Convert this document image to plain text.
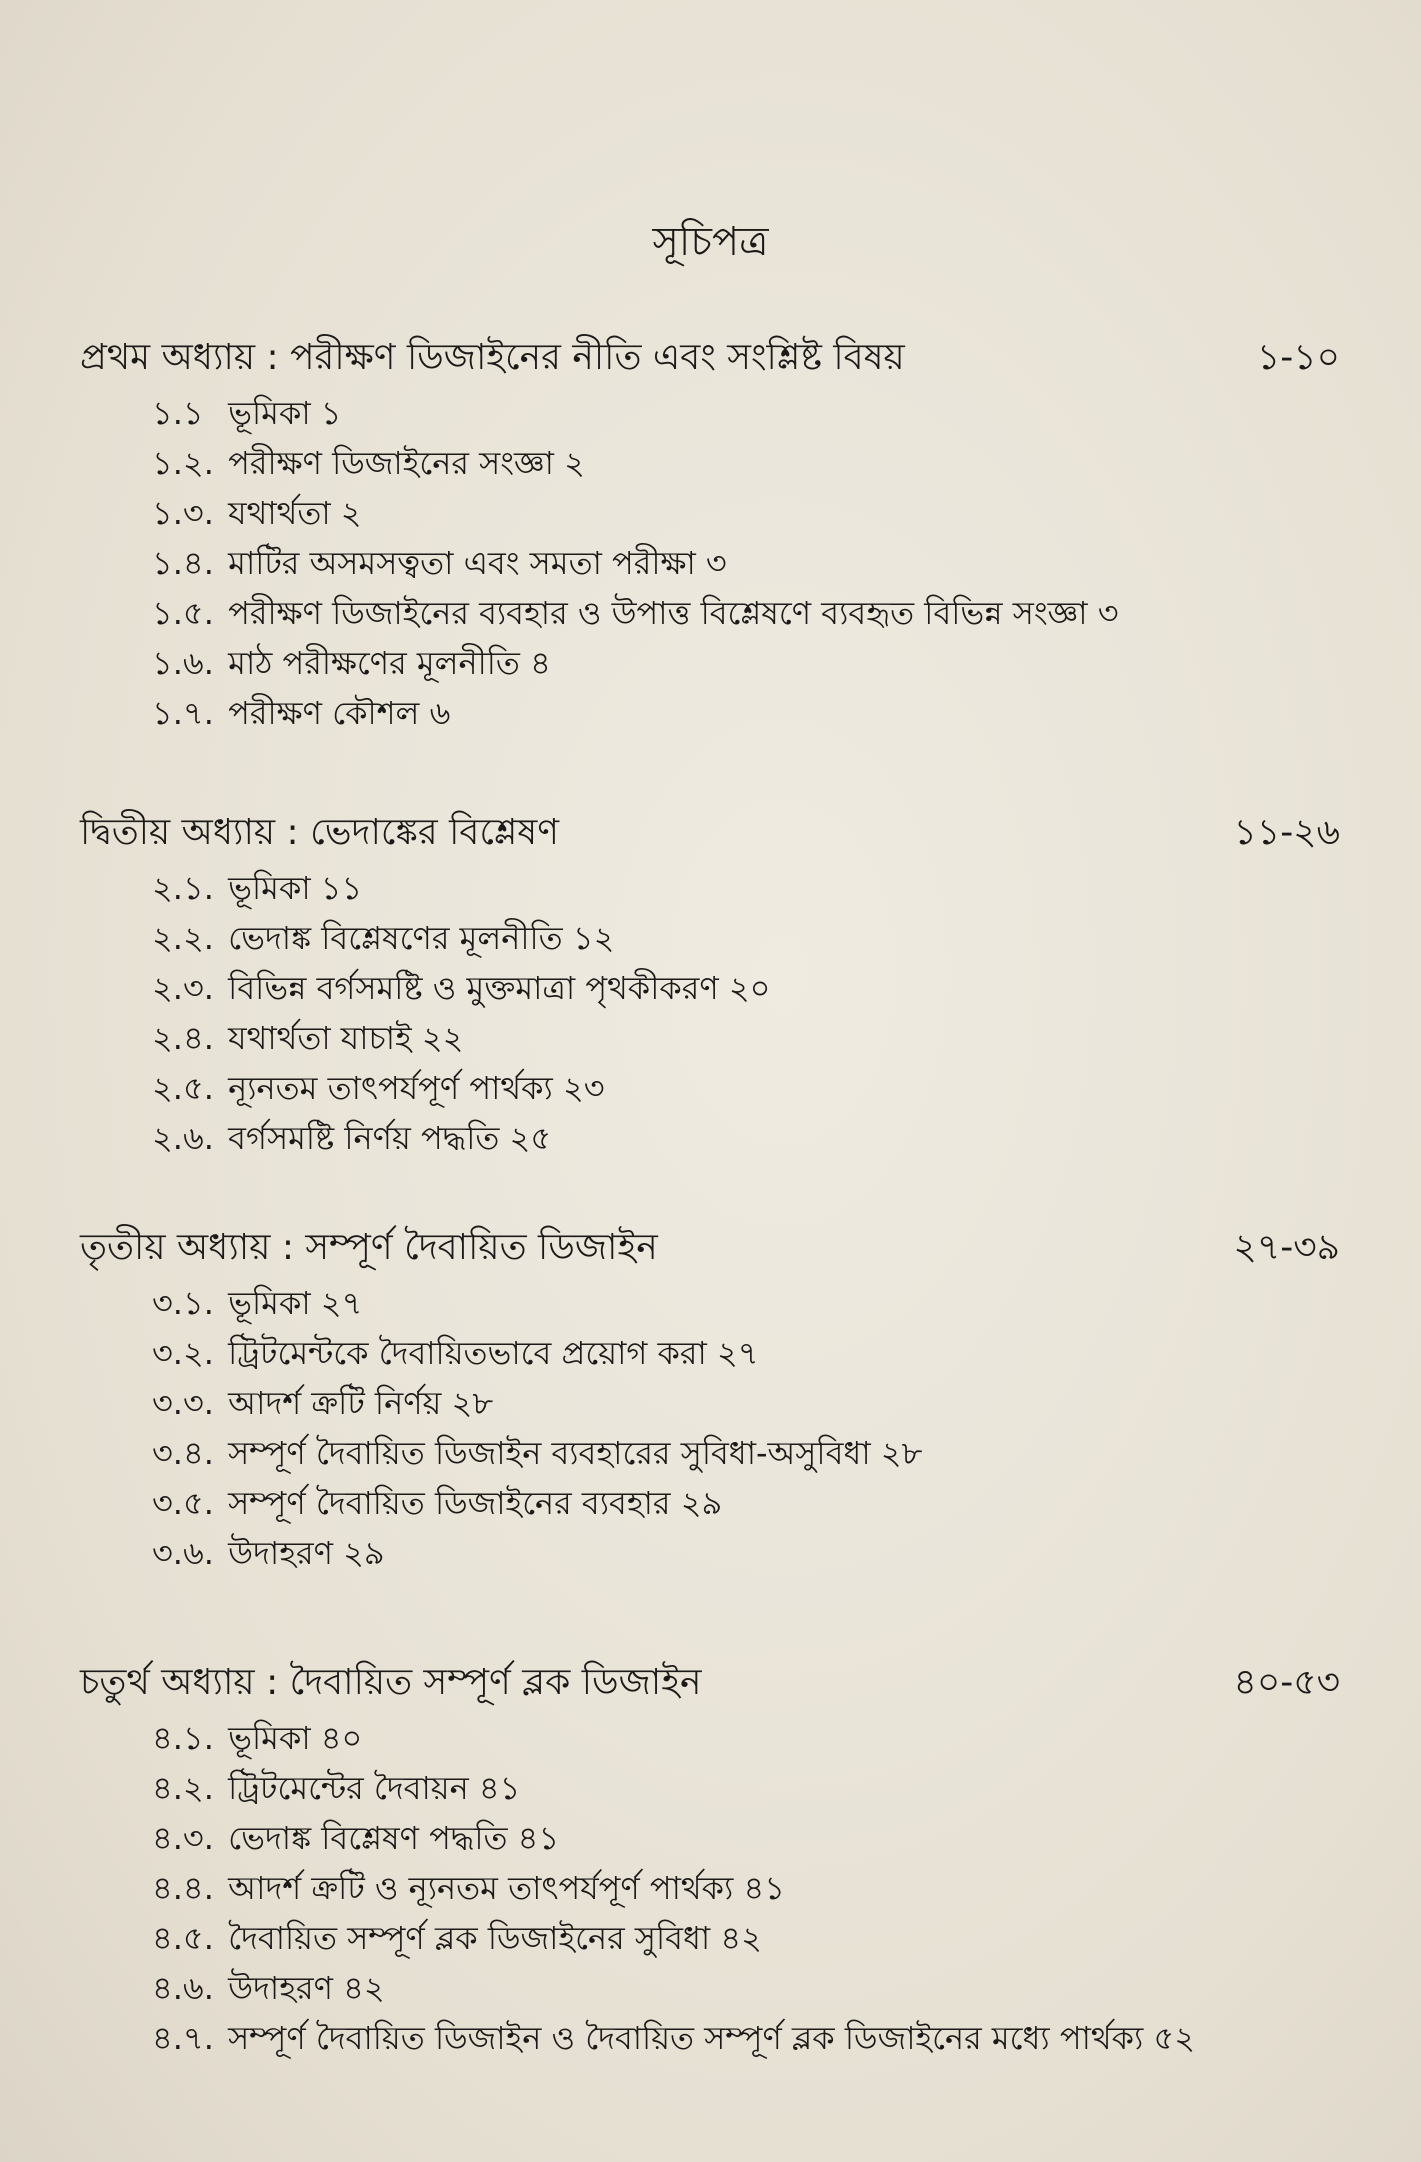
সূচিপত্র
প্রথম অধ্যায় : পরীক্ষণ ডিজাইনের নীতি এবং সংশ্লিষ্ট বিষয়	১-১০
১.১ ভূমিকা ১
১.২. পরীক্ষণ ডিজাইনের সংজ্ঞা ২
১.৩. যথার্থতা ২
১.৪. মাটির অসমসত্বতা এবং সমতা পরীক্ষা ৩
১.৫. পরীক্ষণ ডিজাইনের ব্যবহার ও উপাত্ত বিশ্লেষণে ব্যবহৃত বিভিন্ন সংজ্ঞা ৩
১.৬. মাঠ পরীক্ষণের মূলনীতি ৪
১.৭. পরীক্ষণ কৌশল ৬
দ্বিতীয় অধ্যায় : ভেদাঙ্কের বিশ্লেষণ	১১-২৬
২.১. ভূমিকা ১১
২.২. ভেদাঙ্ক বিশ্লেষণের মূলনীতি ১২
২.৩. বিভিন্ন বর্গসমষ্টি ও মুক্তমাত্রা পৃথকীকরণ ২০
২.৪. যথার্থতা যাচাই ২২
২.৫. ন্যূনতম তাৎপর্যপূর্ণ পার্থক্য ২৩
২.৬. বর্গসমষ্টি নির্ণয় পদ্ধতি ২৫
তৃতীয় অধ্যায় : সম্পূর্ণ দৈবায়িত ডিজাইন	২৭-৩৯
৩.১. ভূমিকা ২৭
৩.২. ট্রিটমেন্টকে দৈবায়িতভাবে প্রয়োগ করা ২৭
৩.৩. আদর্শ ক্রটি নির্ণয় ২৮
৩.৪. সম্পূর্ণ দৈবায়িত ডিজাইন ব্যবহারের সুবিধা-অসুবিধা ২৮
৩.৫. সম্পূর্ণ দৈবায়িত ডিজাইনের ব্যবহার ২৯
৩.৬. উদাহরণ ২৯
চতুর্থ অধ্যায় : দৈবায়িত সম্পূর্ণ ব্লক ডিজাইন	৪০-৫৩
৪.১. ভূমিকা ৪০
৪.২. ট্রিটমেন্টের দৈবায়ন ৪১
৪.৩. ভেদাঙ্ক বিশ্লেষণ পদ্ধতি ৪১
৪.৪. আদর্শ ক্রটি ও ন্যূনতম তাৎপর্যপূর্ণ পার্থক্য ৪১
৪.৫. দৈবায়িত সম্পূর্ণ ব্লক ডিজাইনের সুবিধা ৪২
৪.৬. উদাহরণ ৪২
৪.৭. সম্পূর্ণ দৈবায়িত ডিজাইন ও দৈবায়িত সম্পূর্ণ ব্লক ডিজাইনের মধ্যে পার্থক্য ৫২
